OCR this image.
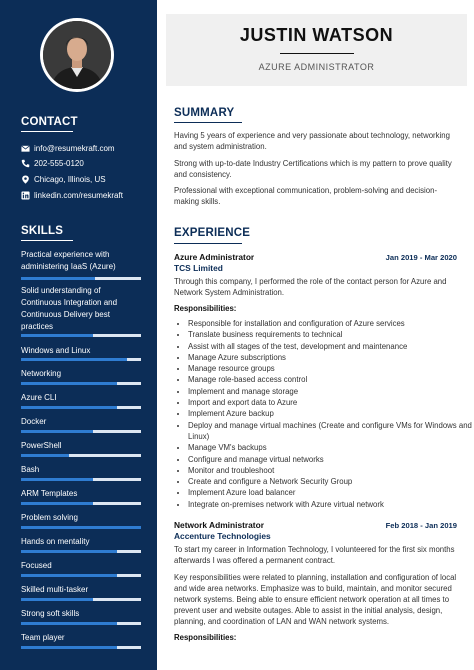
CONTACT
info@resumekraft.com
202-555-0120
Chicago, Illinois, US
linkedin.com/resumekraft
SKILLS
Practical experience with administering IaaS (Azure)
Solid understanding of Continuous Integration and Continuous Delivery best practices
Windows and Linux
Networking
Azure CLI
Docker
PowerShell
Bash
ARM Templates
Problem solving
Hands on mentality
Focused
Skilled multi-tasker
Strong soft skills
Team player
JUSTIN WATSON
AZURE ADMINISTRATOR
SUMMARY

Having 5 years of experience and very passionate about technology, networking and system administration.

Strong with up-to-date Industry Certifications which is my pattern to prove quality and consistency.

Professional with exceptional communication, problem-solving and decision-making skills.

EXPERIENCE
Azure Administrator	Jan 2019 - Mar 2020
TCS Limited

Through this company, I performed the role of the contact person for Azure and Network System Administration.

Responsibilities:
• Responsible for installation and configuration of Azure services
• Translate business requirements to technical
• Assist with all stages of the test, development and maintenance
• Manage Azure subscriptions
• Manage resource groups
• Manage role-based access control
• Implement and manage storage
• Import and export data to Azure
• Implement Azure backup
• Deploy and manage virtual machines (Create and configure VMs for Windows and Linux)
• Manage VM's backups
• Configure and manage virtual networks
• Monitor and troubleshoot
• Create and configure a Network Security Group
• Implement Azure load balancer
• Integrate on-premises network with Azure virtual network
Network Administrator	Feb 2018 - Jan 2019
Accenture Technologies

To start my career in Information Technology, I volunteered for the first six months afterwards I was offered a permanent contract.

Key responsibilities were related to planning, installation and configuration of local and wide area networks. Emphasize was to build, maintain, and monitor secured network systems. Being able to ensure efficient network operation at all times to prevent user and website outages. Able to assist in the initial analysis, design, planning, and coordination of LAN and WAN network systems.

Responsibilities:
